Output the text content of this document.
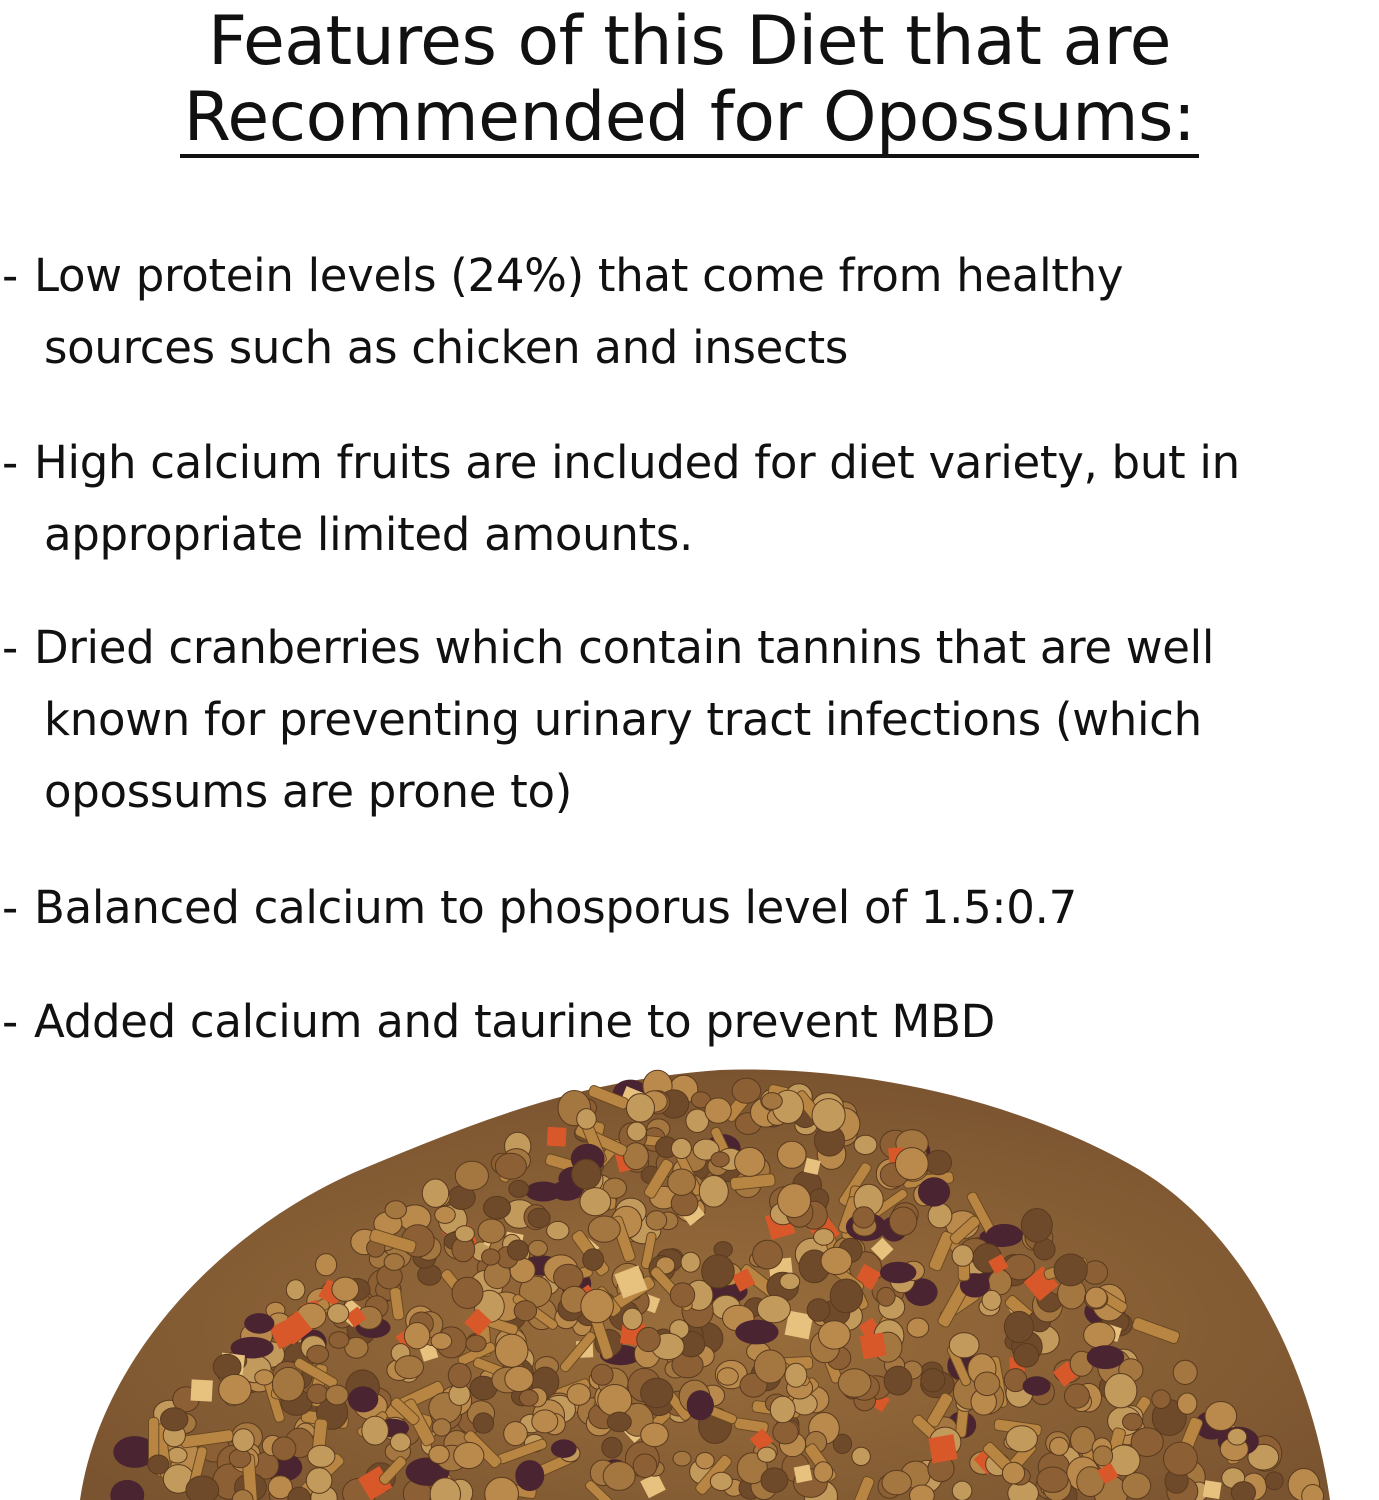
Features of this Diet that are
Recommended for Opossums:
- Low protein levels (24%) that come from healthy
sources such as chicken and insects
- High calcium fruits are included for diet variety, but in
appropriate limited amounts.
- Dried cranberries which contain tannins that are well
known for preventing urinary tract infections (which
opossums are prone to)
- Balanced calcium to phosporus level of 1.5:0.7
- Added calcium and taurine to prevent MBD
